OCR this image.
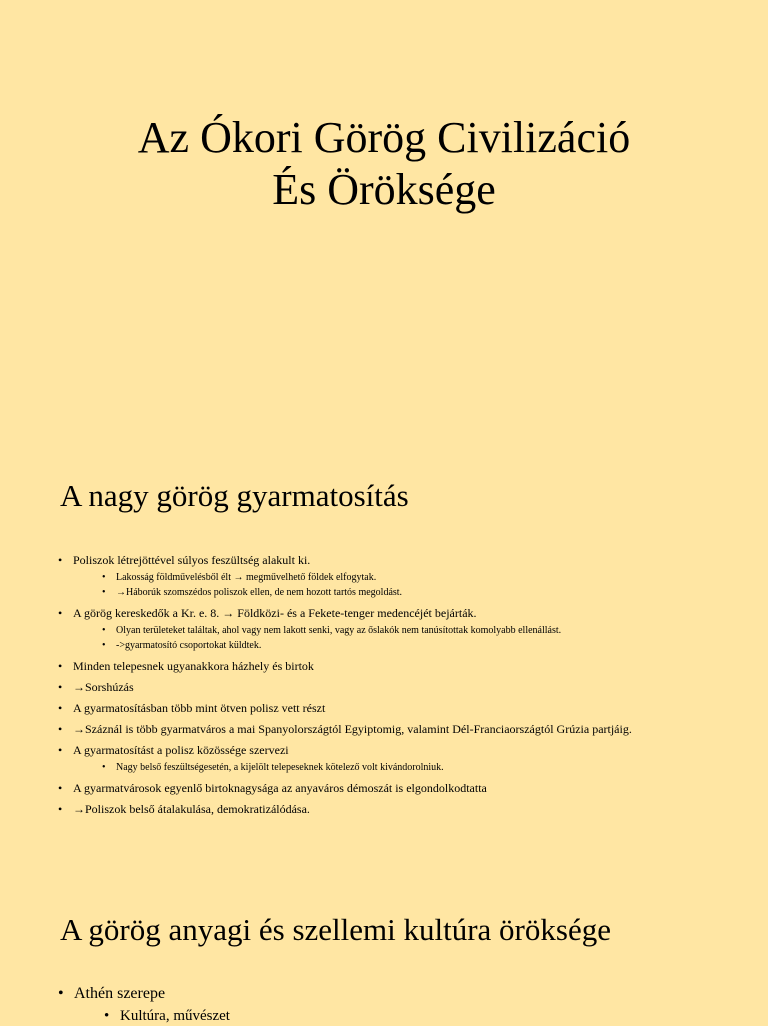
Az Ókori Görög Civilizáció
És Öröksége
A nagy görög gyarmatosítás
• Poliszok létrejöttével súlyos feszültség alakult ki.
• Lakosság földművelésből élt → megművelhető földek elfogytak.
• →Háborúk szomszédos poliszok ellen, de nem hozott tartós megoldást.
• A görög kereskedők a Kr. e. 8. → Földközi- és a Fekete-tenger medencéjét bejárták.
• Olyan területeket találtak, ahol vagy nem lakott senki, vagy az őslakók nem tanúsítottak komolyabb ellenállást.
• ->gyarmatosító csoportokat küldtek.
• Minden telepesnek ugyanakkora házhely és birtok
• →Sorshúzás
• A gyarmatosításban több mint ötven polisz vett részt
• →Száznál is több gyarmatváros a mai Spanyolországtól Egyiptomig, valamint Dél-Franciaországtól Grúzia partjáig.
• A gyarmatosítást a polisz közössége szervezi
• Nagy belső feszültségesetén, a kijelölt telepeseknek kötelező volt kivándorolniuk.
• A gyarmatvárosok egyenlő birtoknagysága az anyaváros démoszát is elgondolkodtatta
• →Poliszok belső átalakulása, demokratizálódása.
A görög anyagi és szellemi kultúra öröksége
• Athén szerepe
• Kultúra, művészet
